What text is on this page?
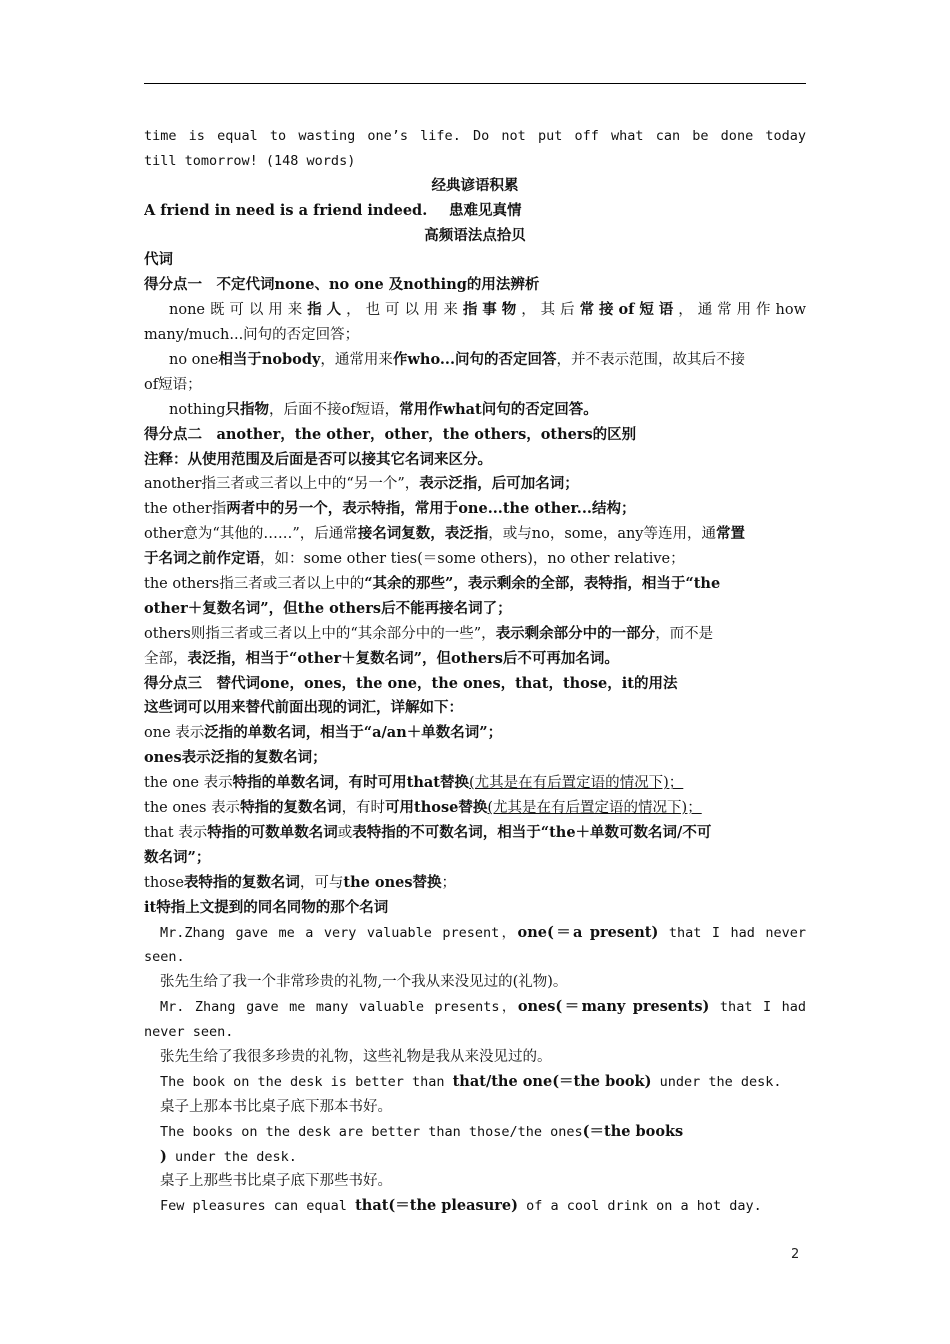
time is equal to wasting one’s life. Do not put off what can be done today
till tomorrow! (148 words)
经典谚语积累
A friend in need is a friend indeed.   患难见真情
高频语法点拾贝
代词
得分点一　不定代词none、no one 及nothing的用法辨析
none既可以用来指人，也可以用来指事物，其后常接of短语，通常用作how
many/much...问句的否定回答；
no one相当于nobody，通常用来作who...问句的否定回答，并不表示范围，故其后不接
of短语；
nothing只指物，后面不接of短语，常用作what问句的否定回答。
得分点二　another，the other，other，the others，others的区别
注释：从使用范围及后面是否可以接其它名词来区分。
another指三者或三者以上中的“另一个”，表示泛指，后可加名词；
the other指两者中的另一个，表示特指，常用于one...the other...结构；
other意为“其他的……”，后通常接名词复数，表泛指，或与no，some，any等连用，通常置
于名词之前作定语，如：some other ties(＝some others)，no other relative；
the others指三者或三者以上中的“其余的那些”，表示剩余的全部，表特指，相当于“the
other＋复数名词”，但the others后不能再接名词了；
others则指三者或三者以上中的“其余部分中的一些”，表示剩余部分中的一部分，而不是
全部，表泛指，相当于“other＋复数名词”，但others后不可再加名词。
得分点三　替代词one，ones，the one，the ones，that，those，it的用法
这些词可以用来替代前面出现的词汇，详解如下：
one 表示泛指的单数名词，相当于“a/an＋单数名词”；
ones表示泛指的复数名词；
the one 表示特指的单数名词，有时可用that替换(尤其是在有后置定语的情况下)；
the ones 表示特指的复数名词，有时可用those替换(尤其是在有后置定语的情况下)；
that 表示特指的可数单数名词或表特指的不可数名词，相当于“the＋单数可数名词/不可
数名词”；
those表特指的复数名词，可与the ones替换；
it特指上文提到的同名同物的那个名词
Mr.Zhang gave me a very valuable present，one(＝a present) that I had never
seen.
张先生给了我一个非常珍贵的礼物,一个我从来没见过的(礼物)。
Mr. Zhang gave me many valuable presents，ones(＝many presents) that I had
never seen.
张先生给了我很多珍贵的礼物，这些礼物是我从来没见过的。
The book on the desk is better than that/the one(＝the book) under the desk.
桌子上那本书比桌子底下那本书好。
The books on the desk are better than those/the ones(＝the books
) under the desk.
桌子上那些书比桌子底下那些书好。
Few pleasures can equal that(＝the pleasure) of a cool drink on a hot day.
2
